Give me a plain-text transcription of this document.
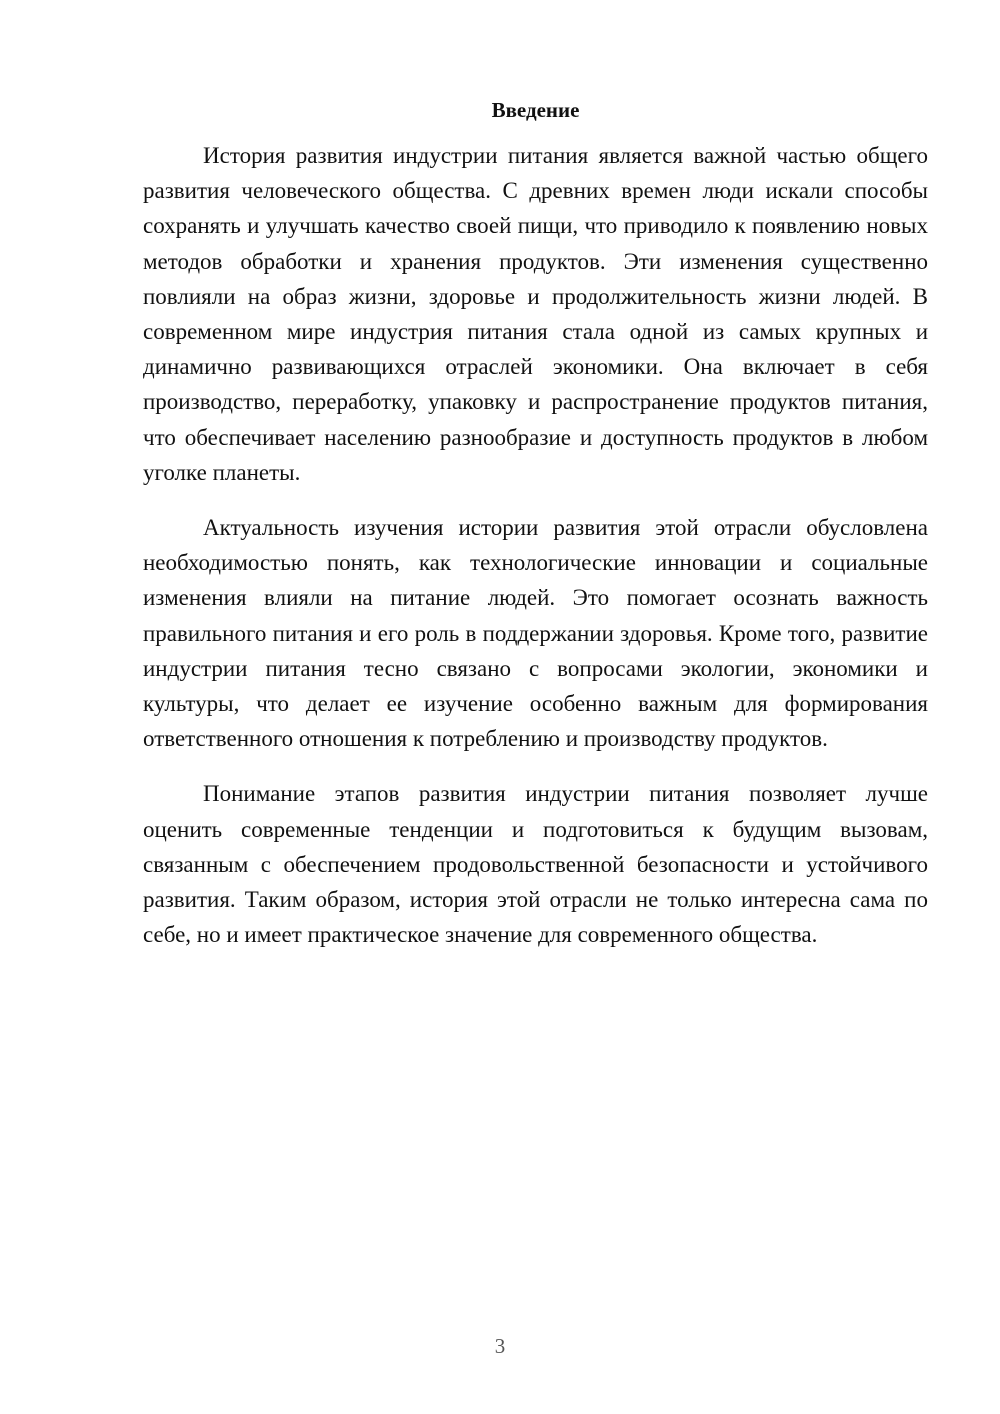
Введение

История развития индустрии питания является важной частью общего развития человеческого общества. С древних времен люди искали способы сохранять и улучшать качество своей пищи, что приводило к появлению новых методов обработки и хранения продуктов. Эти изменения существенно повлияли на образ жизни, здоровье и продолжительность жизни людей. В современном мире индустрия питания стала одной из самых крупных и динамично развивающихся отраслей экономики. Она включает в себя производство, переработку, упаковку и распространение продуктов питания, что обеспечивает населению разнообразие и доступность продуктов в любом уголке планеты.

Актуальность изучения истории развития этой отрасли обусловлена необходимостью понять, как технологические инновации и социальные изменения влияли на питание людей. Это помогает осознать важность правильного питания и его роль в поддержании здоровья. Кроме того, развитие индустрии питания тесно связано с вопросами экологии, экономики и культуры, что делает ее изучение особенно важным для формирования ответственного отношения к потреблению и производству продуктов.

Понимание этапов развития индустрии питания позволяет лучше оценить современные тенденции и подготовиться к будущим вызовам, связанным с обеспечением продовольственной безопасности и устойчивого развития. Таким образом, история этой отрасли не только интересна сама по себе, но и имеет практическое значение для современного общества.

3
